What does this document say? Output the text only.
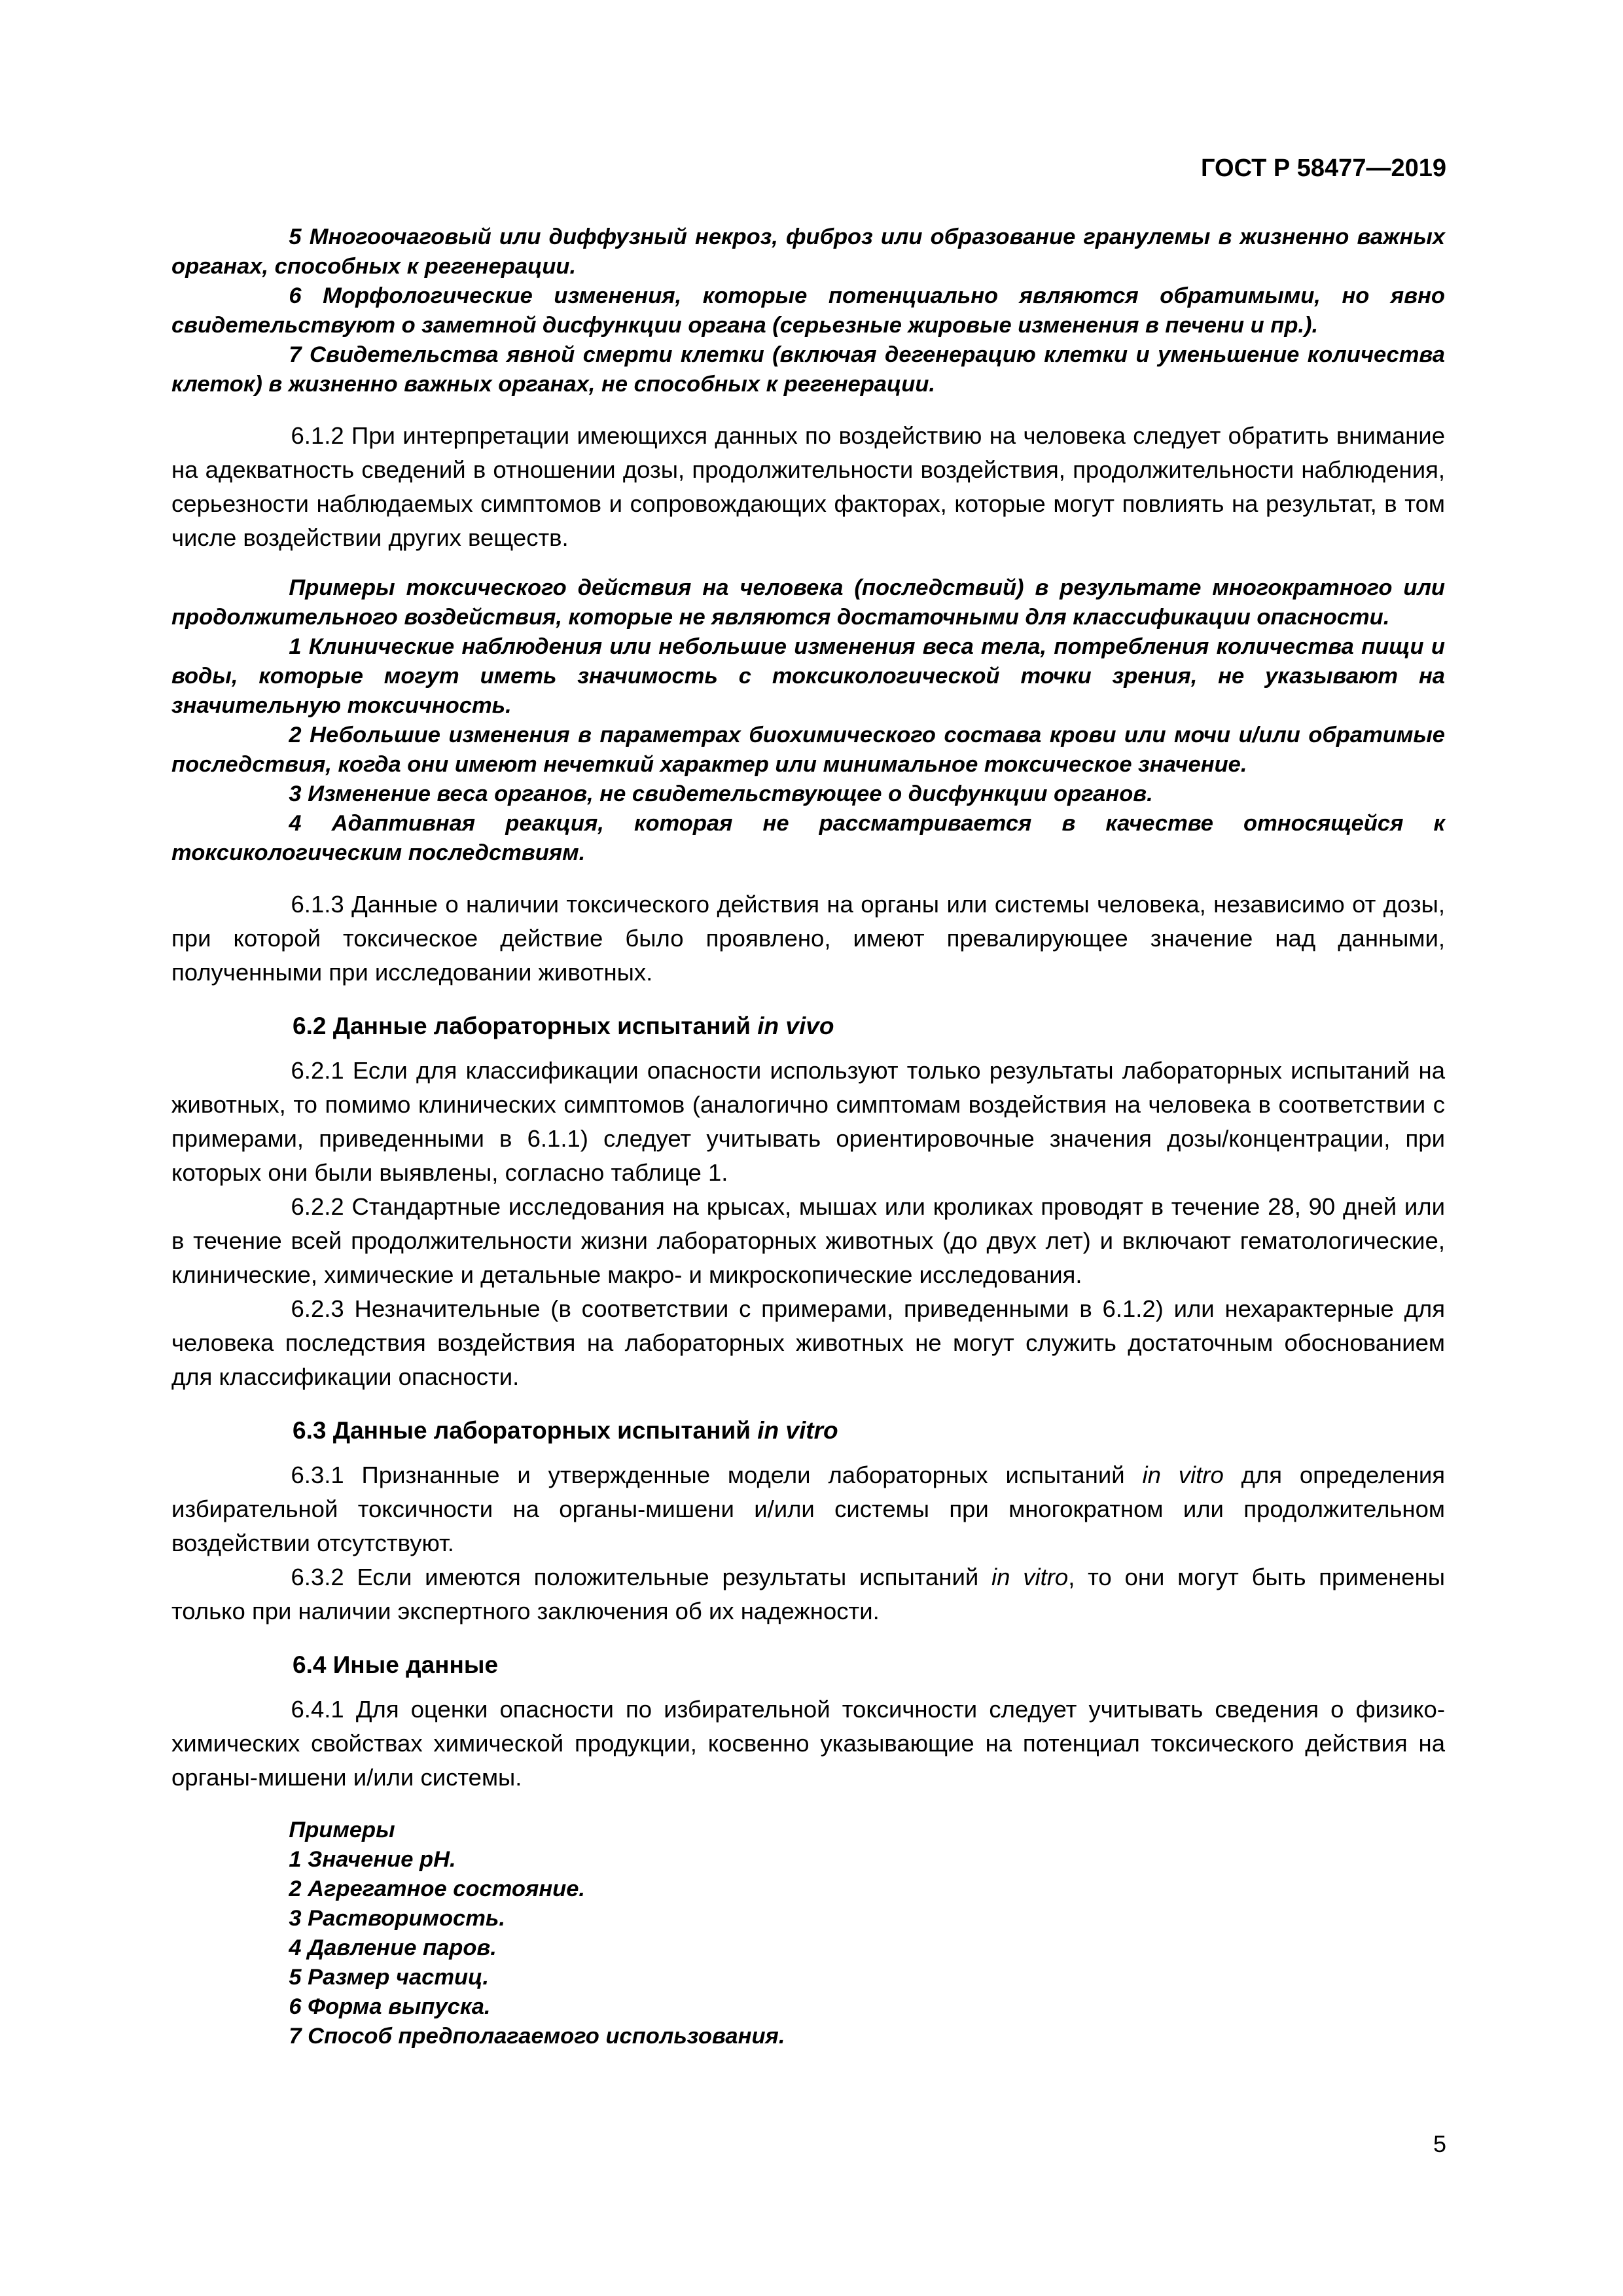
ГОСТ Р 58477—2019

5 Многоочаговый или диффузный некроз, фиброз или образование гранулемы в жизненно важных органах, способных к регенерации.

6 Морфологические изменения, которые потенциально являются обратимыми, но явно свидетельствуют о заметной дисфункции органа (серьезные жировые изменения в печени и пр.).

7 Свидетельства явной смерти клетки (включая дегенерацию клетки и уменьшение количества клеток) в жизненно важных органах, не способных к регенерации.

6.1.2 При интерпретации имеющихся данных по воздействию на человека следует обратить внимание на адекватность сведений в отношении дозы, продолжительности воздействия, продолжительности наблюдения, серьезности наблюдаемых симптомов и сопровождающих факторах, которые могут повлиять на результат, в том числе воздействии других веществ.

Примеры токсического действия на человека (последствий) в результате многократного или продолжительного воздействия, которые не являются достаточными для классификации опасности.

1 Клинические наблюдения или небольшие изменения веса тела, потребления количества пищи и воды, которые могут иметь значимость с токсикологической точки зрения, не указывают на значительную токсичность.

2 Небольшие изменения в параметрах биохимического состава крови или мочи и/или обратимые последствия, когда они имеют нечеткий характер или минимальное токсическое значение.

3 Изменение веса органов, не свидетельствующее о дисфункции органов.

4 Адаптивная реакция, которая не рассматривается в качестве относящейся к токсикологическим последствиям.

6.1.3 Данные о наличии токсического действия на органы или системы человека, независимо от дозы, при которой токсическое действие было проявлено, имеют превалирующее значение над данными, полученными при исследовании животных.

6.2 Данные лабораторных испытаний in vivo

6.2.1 Если для классификации опасности используют только результаты лабораторных испытаний на животных, то помимо клинических симптомов (аналогично симптомам воздействия на человека в соответствии с примерами, приведенными в 6.1.1) следует учитывать ориентировочные значения дозы/концентрации, при которых они были выявлены, согласно таблице 1.

6.2.2 Стандартные исследования на крысах, мышах или кроликах проводят в течение 28, 90 дней или в течение всей продолжительности жизни лабораторных животных (до двух лет) и включают гематологические, клинические, химические и детальные макро- и микроскопические исследования.

6.2.3 Незначительные (в соответствии с примерами, приведенными в 6.1.2) или нехарактерные для человека последствия воздействия на лабораторных животных не могут служить достаточным обоснованием для классификации опасности.

6.3 Данные лабораторных испытаний in vitro

6.3.1 Признанные и утвержденные модели лабораторных испытаний in vitro для определения избирательной токсичности на органы-мишени и/или системы при многократном или продолжительном воздействии отсутствуют.

6.3.2 Если имеются положительные результаты испытаний in vitro, то они могут быть применены только при наличии экспертного заключения об их надежности.

6.4 Иные данные

6.4.1 Для оценки опасности по избирательной токсичности следует учитывать сведения о физико-химических свойствах химической продукции, косвенно указывающие на потенциал токсического действия на органы-мишени и/или системы.

Примеры
1 Значение pH.
2 Агрегатное состояние.
3 Растворимость.
4 Давление паров.
5 Размер частиц.
6 Форма выпуска.
7 Способ предполагаемого использования.
5
